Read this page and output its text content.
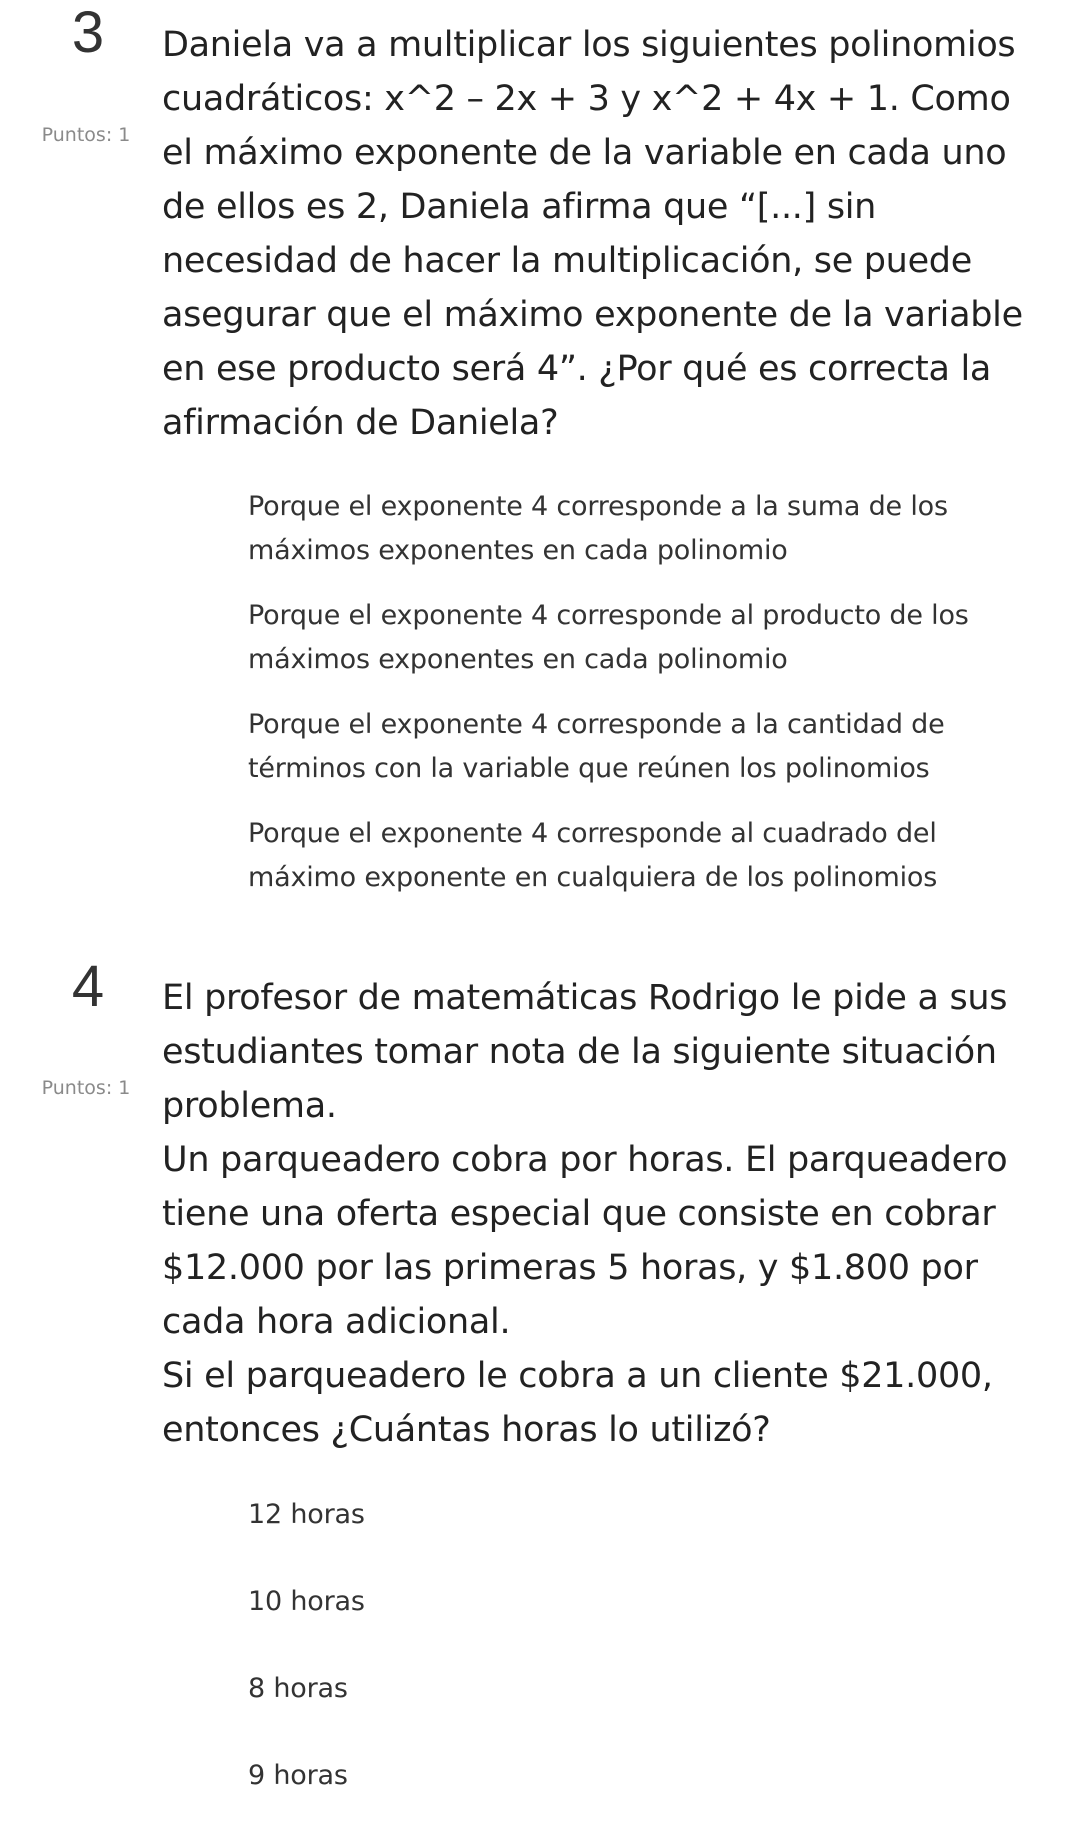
3
Puntos: 1

Daniela va a multiplicar los siguientes polinomios cuadráticos: x^2 – 2x + 3 y x^2 + 4x + 1. Como el máximo exponente de la variable en cada uno de ellos es 2, Daniela afirma que “[...] sin necesidad de hacer la multiplicación, se puede asegurar que el máximo exponente de la variable en ese producto será 4”. ¿Por qué es correcta la afirmación de Daniela?

Porque el exponente 4 corresponde a la suma de los máximos exponentes en cada polinomio
Porque el exponente 4 corresponde al producto de los máximos exponentes en cada polinomio
Porque el exponente 4 corresponde a la cantidad de términos con la variable que reúnen los polinomios
Porque el exponente 4 corresponde al cuadrado del máximo exponente en cualquiera de los polinomios
4
Puntos: 1

El profesor de matemáticas Rodrigo le pide a sus estudiantes tomar nota de la siguiente situación problema.

Un parqueadero cobra por horas. El parqueadero tiene una oferta especial que consiste en cobrar $12.000 por las primeras 5 horas, y $1.800 por cada hora adicional.

Si el parqueadero le cobra a un cliente $21.000, entonces ¿Cuántas horas lo utilizó?

12 horas
10 horas
8 horas
9 horas
